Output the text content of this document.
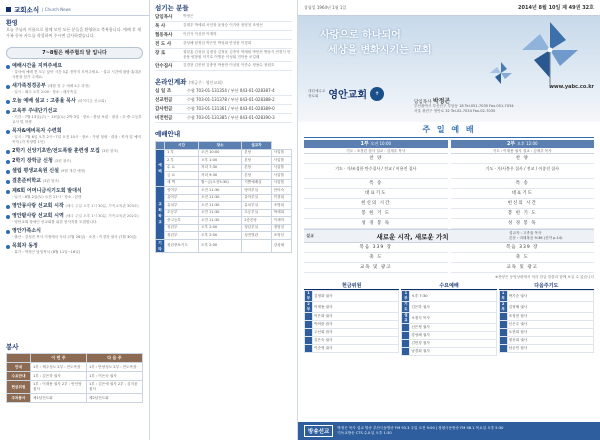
교회소식 | Church News
환영
오늘 주님의 이름으로 함께 모인 모든 분들을 환영하고 축복합니다. 예배 후 새가족 등록 카드를 작성하여 주시면 감사하겠습니다.
7~8월은 해주협의 달 입니다
예배시간을 지켜주세요
· 질서에 예배 전 모두 앉아 시간 5분 전까지 모여주세요. · 설교 시간에 잡담·휴대폰 사용을 삼가 주세요.
새가족정경공부 (매월 첫 주 예배 4주 과정)
· 일시 : 매주 오후 2:00 · 장소 : 새가족실
오늘 예배 설교 : 고종율 목사 (파이디온 선교회)
교육부 주내단기선교
· 기간 : 7월 13일(주) ~ 15일(토) 2박 3일 · 장소 : 충남 보령 · 대상 : 초·중·고등부 교사 및 학생
목자&예비목자 수련회
· 일시 : 7월 6일 오후 2시~7일 오전 10시 · 장소 : 가평 청평 · 대상 : 목자 및 예비목자 (각 목장별 1인)
2학기 신앙기초반/전도폭발 훈련생 모집 (3편 참조)
2학기 장학금 신청 (3편 참조)
셀립 평생교육원 신설 (9월 개강 예정)
결혼준비학교 (3편 참조)
제6회 어머니금식기도회 발대식
· 일시 : 8월 2일(토) 오전 11시 · 장소 : 본당
영안몽사랑 선교회 시작 (매주 주일 오후 1시 30분, 가족교육관 303호)
영안팥사랑 선교회 시역 (매주 주일 오후 1시 30분, 가족교육관 202호)
· 영안교회 장애인 선교회를 위한 봉사자를 모집합니다.
영안가족소식
· 출산 : 김성진 목사 가정에서 득녀 (7월 28일) · 소천 : 이경자 권사 (7월 30일)
목회자 동정
· 휴가 : 박정곤 담임목사 (8월 11일~16일)
봉사
	이 번 주	다 음 주
안내	1부 : 제주성도 2부 : 전도목장	1부 : 안양성도 2부 : 전도목장
수요안내	1부 : 김은하 권사	1부 : 이은숙 권사
헌금위원	1부 : 이재용 권사 2부 : 안인영 집사	1부 : 김은애 권사 2부 : 김지윤 집사
주차봉사	제1남전도회	제2남전도회
섬기는 분들
담임목사	박정곤
목 사	김재우 박세희 서인복 윤형승 이기락 정영천 조영선
협동목사	이건식 이상현 이재학
전 도 사	강성혜 남정임 박은민 박성희 안성용 이경희
장 로	권달홍 김성남 김정상 김정윤 김종학 박계원 박봉현 방삼식 안경식 안웅용 양창원 이기호 이병문 이성회 전학용 조길래
안수집사	김경현 김종헌 김충현 박용만 이상열 이종수 정용수 정원호
온라인계좌 (예금주 : 영안교회)
십 일 조	수협 703-01-131354 / 부산 043-01-028387-4
선교헌금	수협 703-01-131378 / 부산 043-01-028388-2
감사헌금	수협 703-01-131361 / 부산 043-01-028389-0
비전헌금	수협 703-01-131385 / 부산 043-01-028390-3
예배안내
	시간	장소	설교자	
예배	1 부	오전 10:00	본당	사업틀
	2 부	오후 1:00	본당	사업틀
	수 요	저녁 7:30	본당	사업틀
	금 요	저녁 9:30	본당	사업틀
	새 벽	월~금(오전5:30)	기쁨예배실	사업틀
교회학교	영아부	오전 11:30	영아부실	안미숙
	유아부	오전 11:30	유아부실	이경희
	유치부	오전 11:30	유치부실	조명희
	초등부	오전 11:30	초등부실	박세희
	중고등부	오전 11:30	2층본당	이재학
	청년부	오후 2:00	청년부실	정영천
	청년부	오후 2:00	성전별관	조영선
기타	청년중보기도	오후 2:00		강성혜
창립일 1964년 1월 1일	2014년 8월 10일 제 49권 32호
사랑으로 하나되어
세상을 변화시키는 교회
대한예수교
장로회 영안교회	✝
www.yabc.co.kr
담임목사 박정곤
부산광역시 부산진구 부암동 18 Tel.051-7035 Fax.051-7034
서울 광진구 영안로 32 Tel.02-7034 Fax.02-7035
주 일 예 배
1부 오전 10:00
기도 : 조경린 집사 설교 : 김재우 목사
찬 양
기도 · 가/조경한 만수집사 / 전교 / 이용진 집사
특 송
대표기도
헌신의 시간
봉 헌 기 도
성 경 봉 독
2부 오후 12:00
기도 : 이재용 권사 설교 : 김재우 목사
찬 양
기도 · 가/사봉우 집사 / 전교 / 이종진 집사
특 송
대표기도
헌신의 시간
봉 헌 기 도
성 경 봉 독
설교	새로운 시작, 새로운 가치	설교자 : 고종율 목사
본문 : 마태복음 9:36 (신약 p.14)
복음 339 장
축 도
교독 및 광고
복음 339 장
축 도
교독 및 광고
※찬양은 동영상편에서 미리 한글 말씀과 함께 보실 수 있습니다
헌금위원
1부	김정화 권사
2부	이재용 권사
	이은화 권사
	박미란 집사
	주선희 집사
	김은숙 권사
	이순영 권사
수요예배
1부	오후 7:30
기도	김은하 권사
설교	오정식 목사
	신은정 권사
	강성혜 권사
	김민경 집사
	남경희 권사
다음주기도
1부	박기순 권사
2부	김정혜 권사
	조성현 집사
	신은주 권사
	오현희 집사
	정선희 권사
	남궁민 집사
방송선교
박정곤 목사 설교 방송 부산극동방송 FM 93.3 주일 오전 9:00 | 창원극동방송 FM 98.1 목요일 오후 5:30
기독교방송 CTS 수요일 오후 1:30
